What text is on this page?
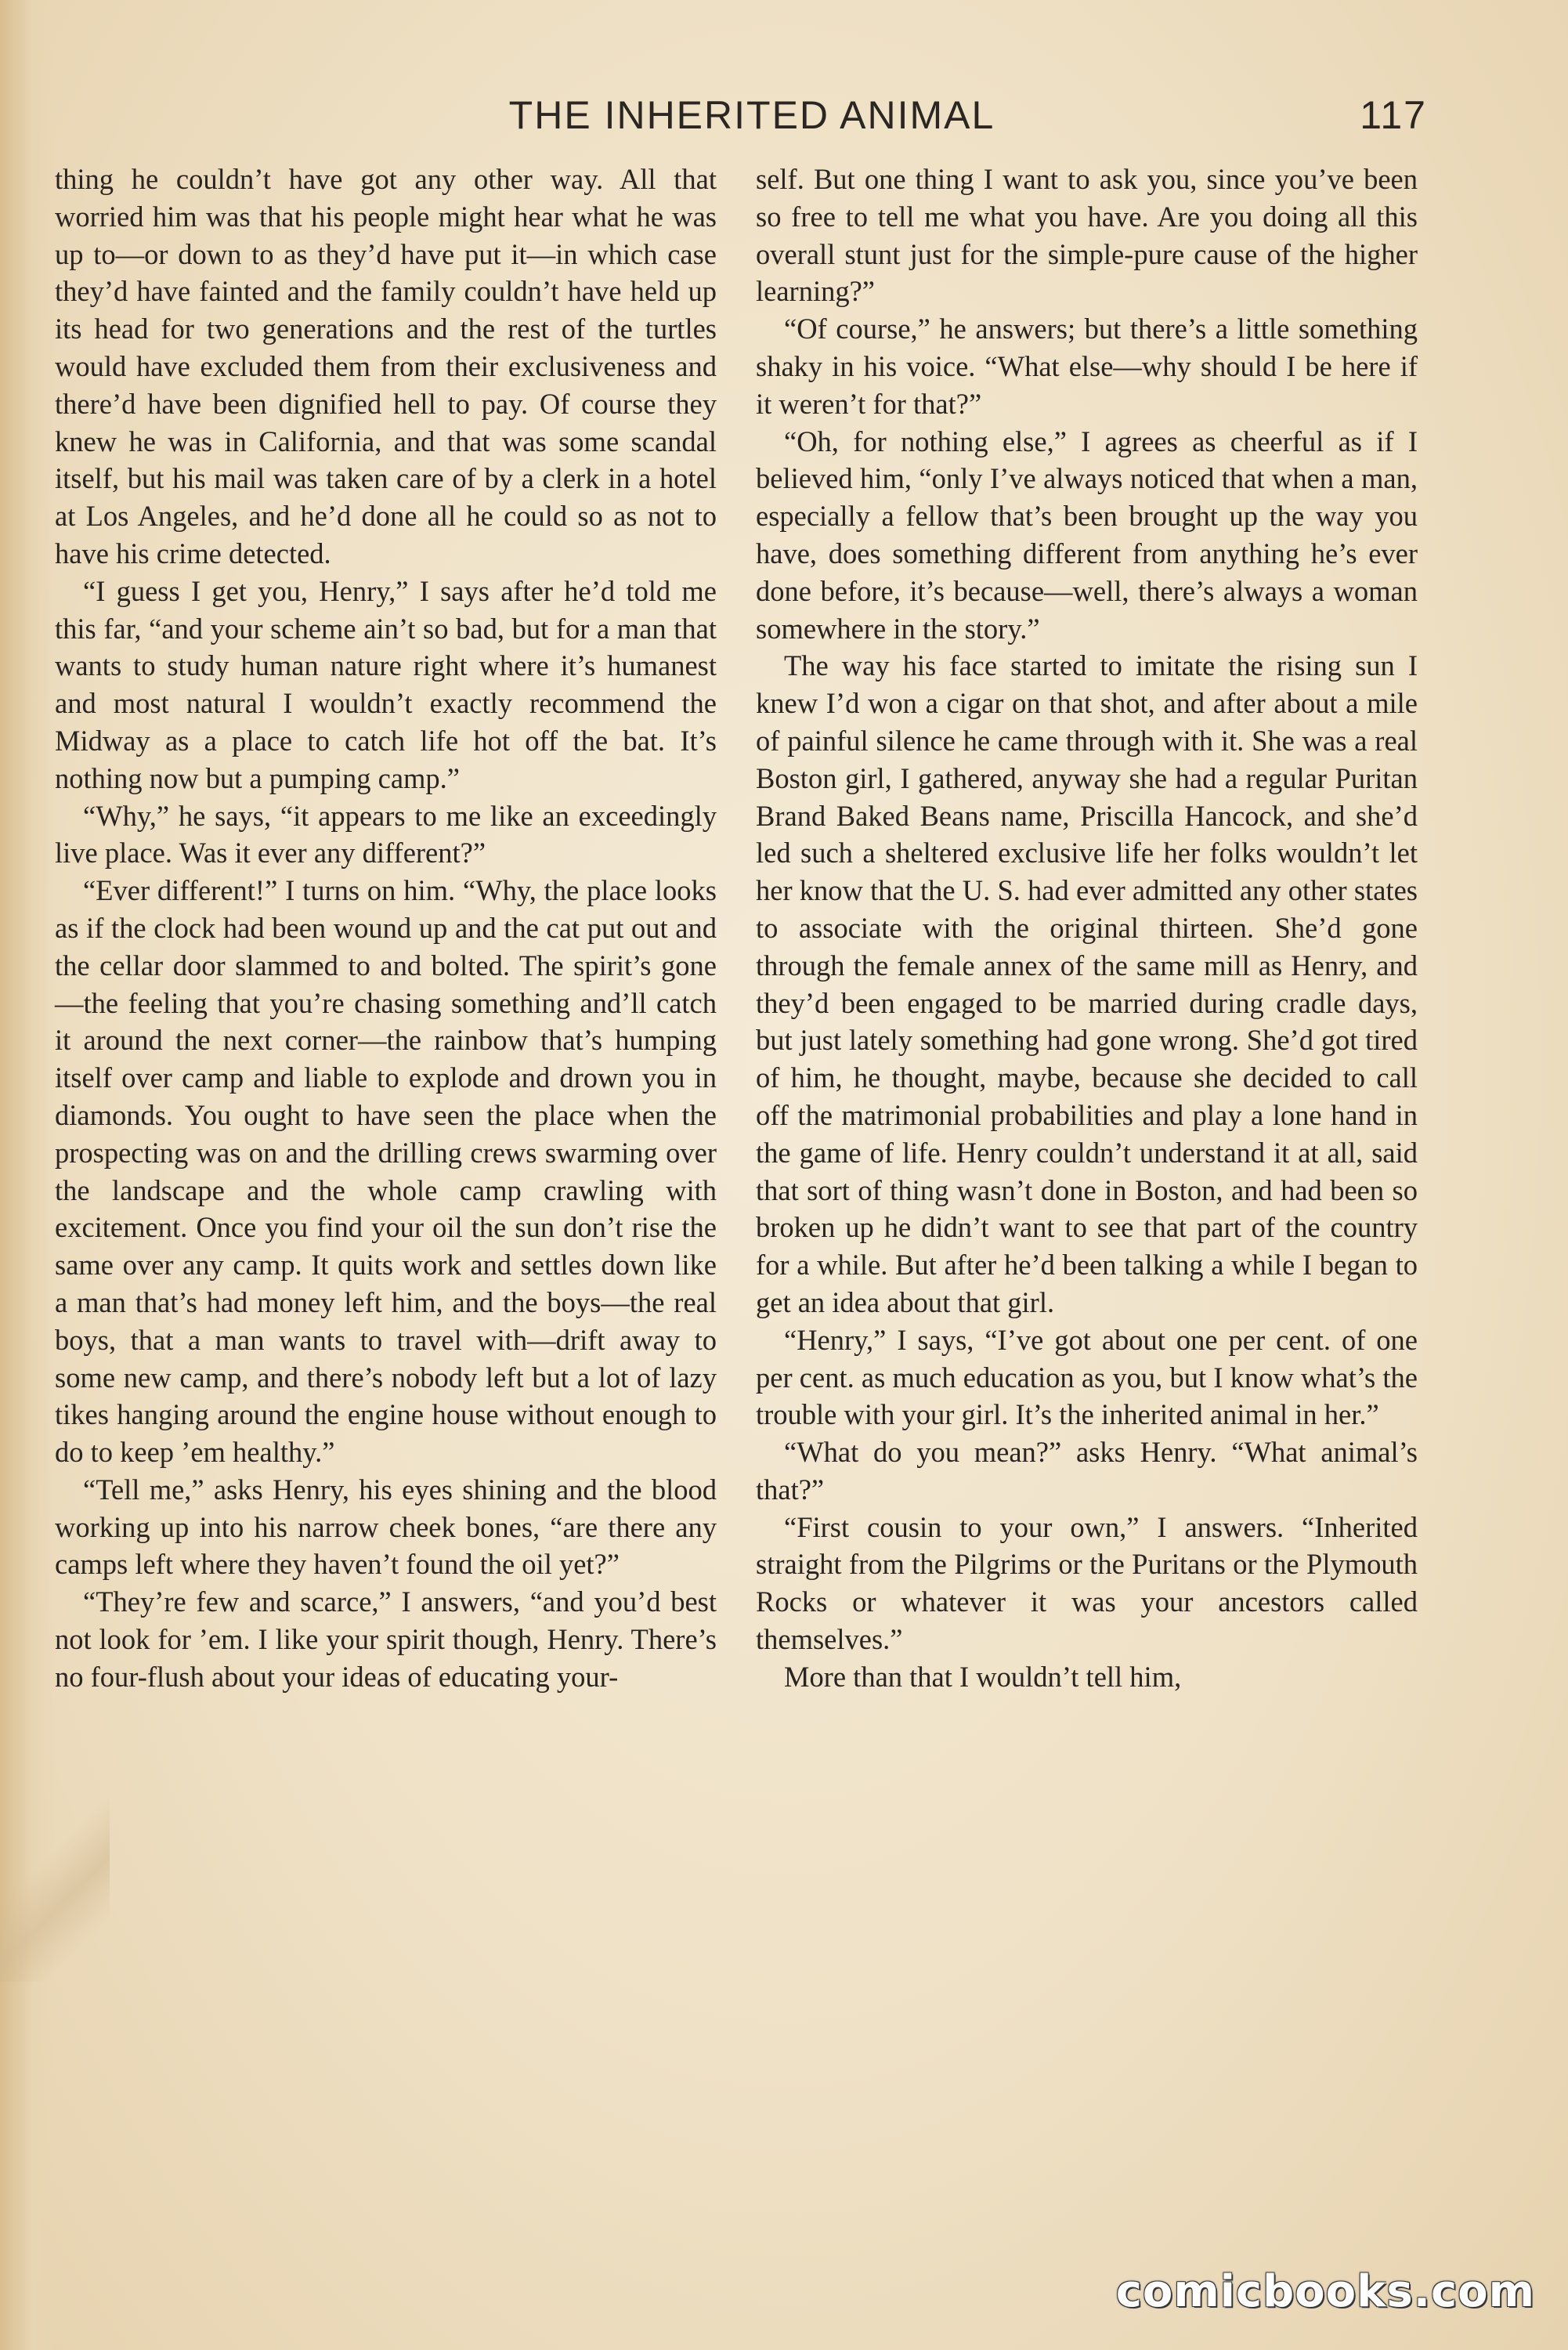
THE INHERITED ANIMAL	117

thing he couldn’t have got any other way. All that worried him was that his people might hear what he was up to—or down to as they’d have put it—in which case they’d have fainted and the family couldn’t have held up its head for two generations and the rest of the turtles would have excluded them from their exclusiveness and there’d have been dignified hell to pay. Of course they knew he was in California, and that was some scandal itself, but his mail was taken care of by a clerk in a hotel at Los Angeles, and he’d done all he could so as not to have his crime detected.

“I guess I get you, Henry,” I says after he’d told me this far, “and your scheme ain’t so bad, but for a man that wants to study human nature right where it’s humanest and most natural I wouldn’t exactly recommend the Midway as a place to catch life hot off the bat. It’s nothing now but a pumping camp.”

“Why,” he says, “it appears to me like an exceedingly live place. Was it ever any different?”

“Ever different!” I turns on him. “Why, the place looks as if the clock had been wound up and the cat put out and the cellar door slammed to and bolted. The spirit’s gone—the feeling that you’re chasing something and’ll catch it around the next corner—the rainbow that’s humping itself over camp and liable to explode and drown you in diamonds. You ought to have seen the place when the prospecting was on and the drilling crews swarming over the landscape and the whole camp crawling with excitement. Once you find your oil the sun don’t rise the same over any camp. It quits work and settles down like a man that’s had money left him, and the boys—the real boys, that a man wants to travel with—drift away to some new camp, and there’s nobody left but a lot of lazy tikes hanging around the engine house without enough to do to keep ’em healthy.”

“Tell me,” asks Henry, his eyes shining and the blood working up into his narrow cheek bones, “are there any camps left where they haven’t found the oil yet?”

“They’re few and scarce,” I answers, “and you’d best not look for ’em. I like your spirit though, Henry. There’s no four-flush about your ideas of educating your-

self. But one thing I want to ask you, since you’ve been so free to tell me what you have. Are you doing all this overall stunt just for the simple-pure cause of the higher learning?”

“Of course,” he answers; but there’s a little something shaky in his voice. “What else—why should I be here if it weren’t for that?”

“Oh, for nothing else,” I agrees as cheerful as if I believed him, “only I’ve always noticed that when a man, especially a fellow that’s been brought up the way you have, does something different from anything he’s ever done before, it’s because—well, there’s always a woman somewhere in the story.”

The way his face started to imitate the rising sun I knew I’d won a cigar on that shot, and after about a mile of painful silence he came through with it. She was a real Boston girl, I gathered, anyway she had a regular Puritan Brand Baked Beans name, Priscilla Hancock, and she’d led such a sheltered exclusive life her folks wouldn’t let her know that the U. S. had ever admitted any other states to associate with the original thirteen. She’d gone through the female annex of the same mill as Henry, and they’d been engaged to be married during cradle days, but just lately something had gone wrong. She’d got tired of him, he thought, maybe, because she decided to call off the matrimonial probabilities and play a lone hand in the game of life. Henry couldn’t understand it at all, said that sort of thing wasn’t done in Boston, and had been so broken up he didn’t want to see that part of the country for a while. But after he’d been talking a while I began to get an idea about that girl.

“Henry,” I says, “I’ve got about one per cent. of one per cent. as much education as you, but I know what’s the trouble with your girl. It’s the inherited animal in her.”

“What do you mean?” asks Henry. “What animal’s that?”

“First cousin to your own,” I answers. “Inherited straight from the Pilgrims or the Puritans or the Plymouth Rocks or whatever it was your ancestors called themselves.”

More than that I wouldn’t tell him,

comicbooks.com
